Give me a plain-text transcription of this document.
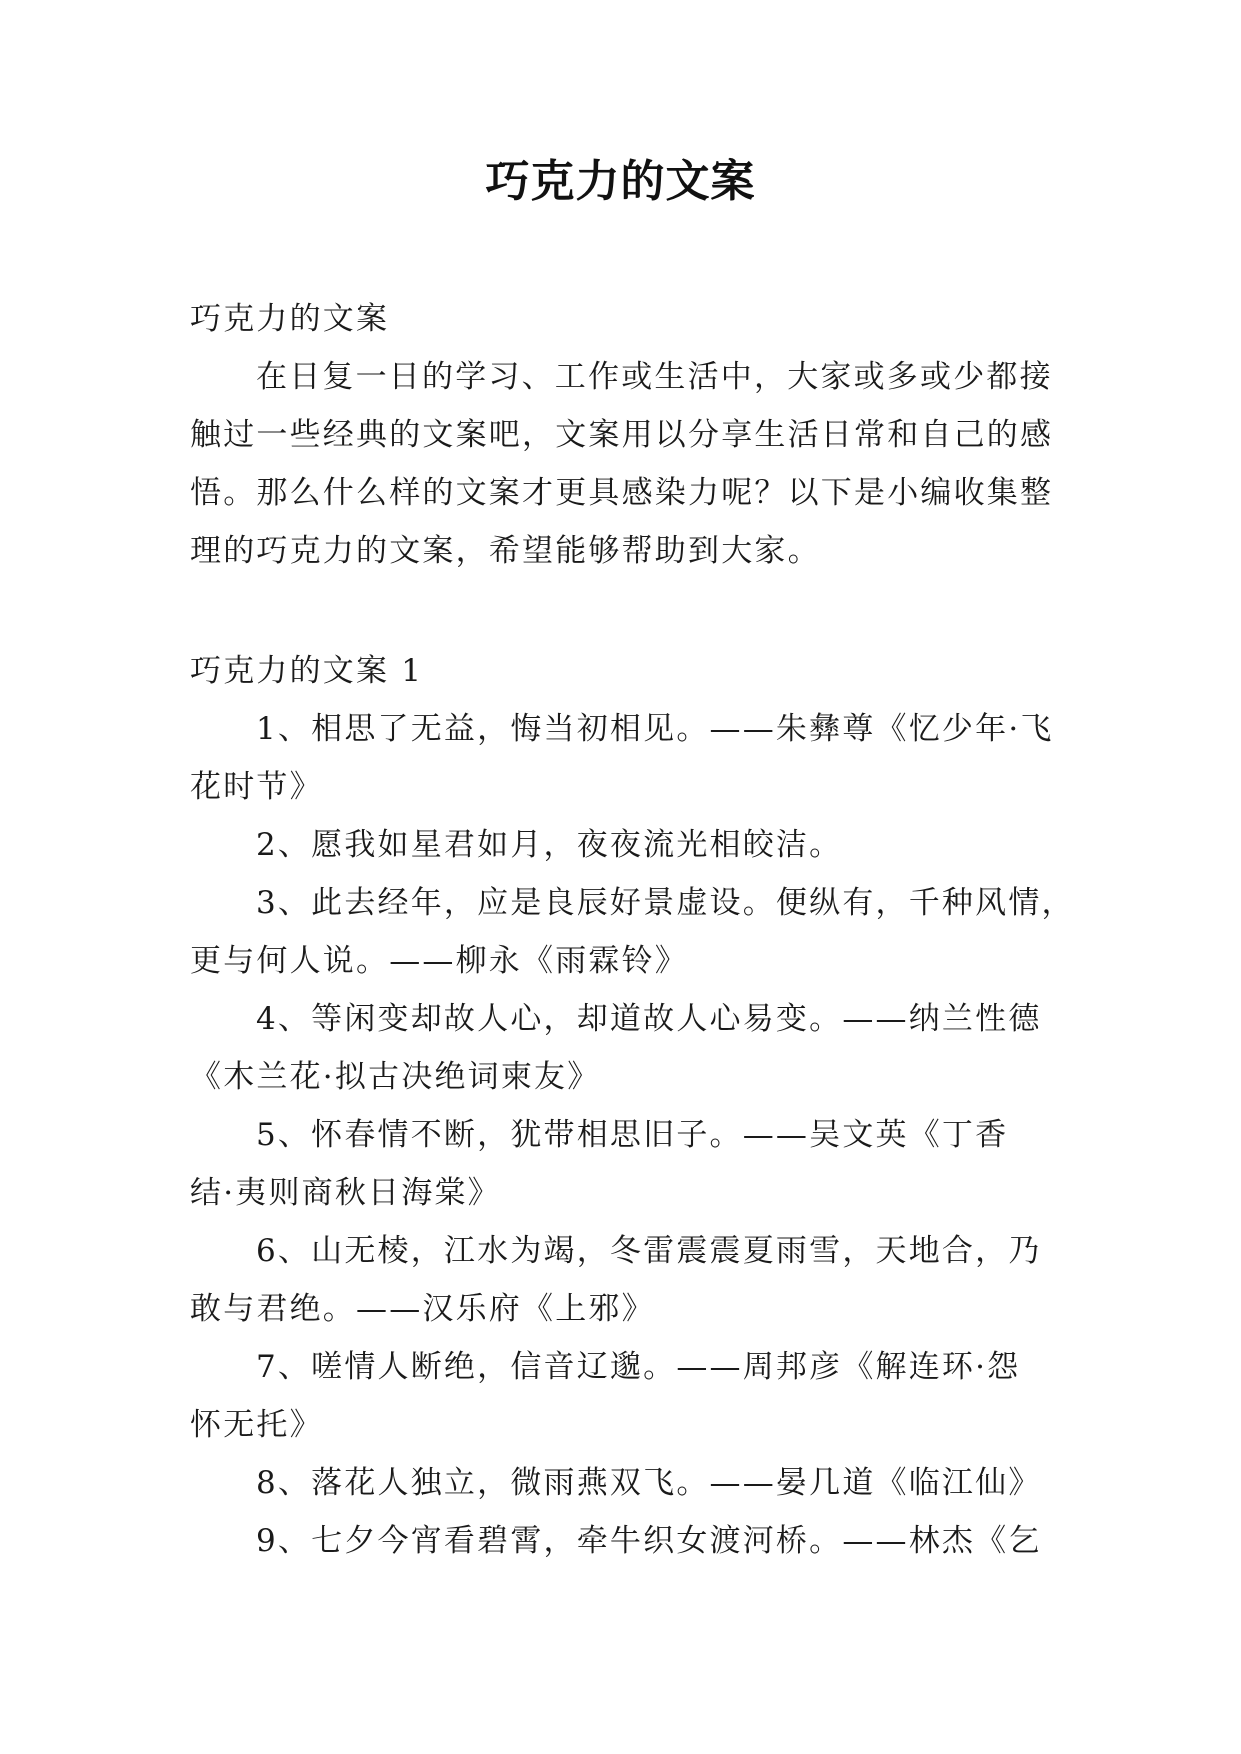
巧克力的文案
巧克力的文案
在日复一日的学习、工作或生活中，大家或多或少都接
触过一些经典的文案吧，文案用以分享生活日常和自己的感
悟。那么什么样的文案才更具感染力呢？以下是小编收集整
理的巧克力的文案，希望能够帮助到大家。
巧克力的文案 1
1、相思了无益，悔当初相见。——朱彝尊《忆少年·飞
花时节》
2、愿我如星君如月，夜夜流光相皎洁。
3、此去经年，应是良辰好景虚设。便纵有，千种风情，
更与何人说。——柳永《雨霖铃》
4、等闲变却故人心，却道故人心易变。——纳兰性德
《木兰花·拟古决绝词柬友》
5、怀春情不断，犹带相思旧子。——吴文英《丁香
结·夷则商秋日海棠》
6、山无棱，江水为竭，冬雷震震夏雨雪，天地合，乃
敢与君绝。——汉乐府《上邪》
7、嗟情人断绝，信音辽邈。——周邦彦《解连环·怨
怀无托》
8、落花人独立，微雨燕双飞。——晏几道《临江仙》
9、七夕今宵看碧霄，牵牛织女渡河桥。——林杰《乞
